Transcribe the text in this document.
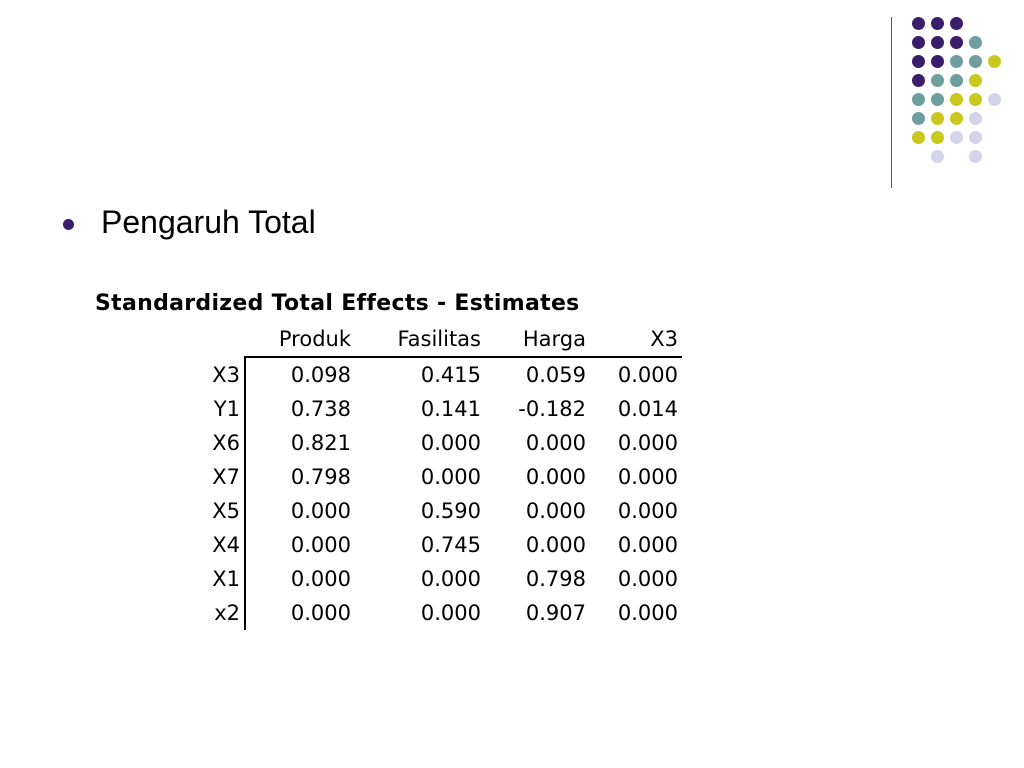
Pengaruh Total
Standardized Total Effects - Estimates
	Produk	Fasilitas	Harga	X3
X3	0.098	0.415	0.059	0.000
Y1	0.738	0.141	-0.182	0.014
X6	0.821	0.000	0.000	0.000
X7	0.798	0.000	0.000	0.000
X5	0.000	0.590	0.000	0.000
X4	0.000	0.745	0.000	0.000
X1	0.000	0.000	0.798	0.000
x2	0.000	0.000	0.907	0.000
